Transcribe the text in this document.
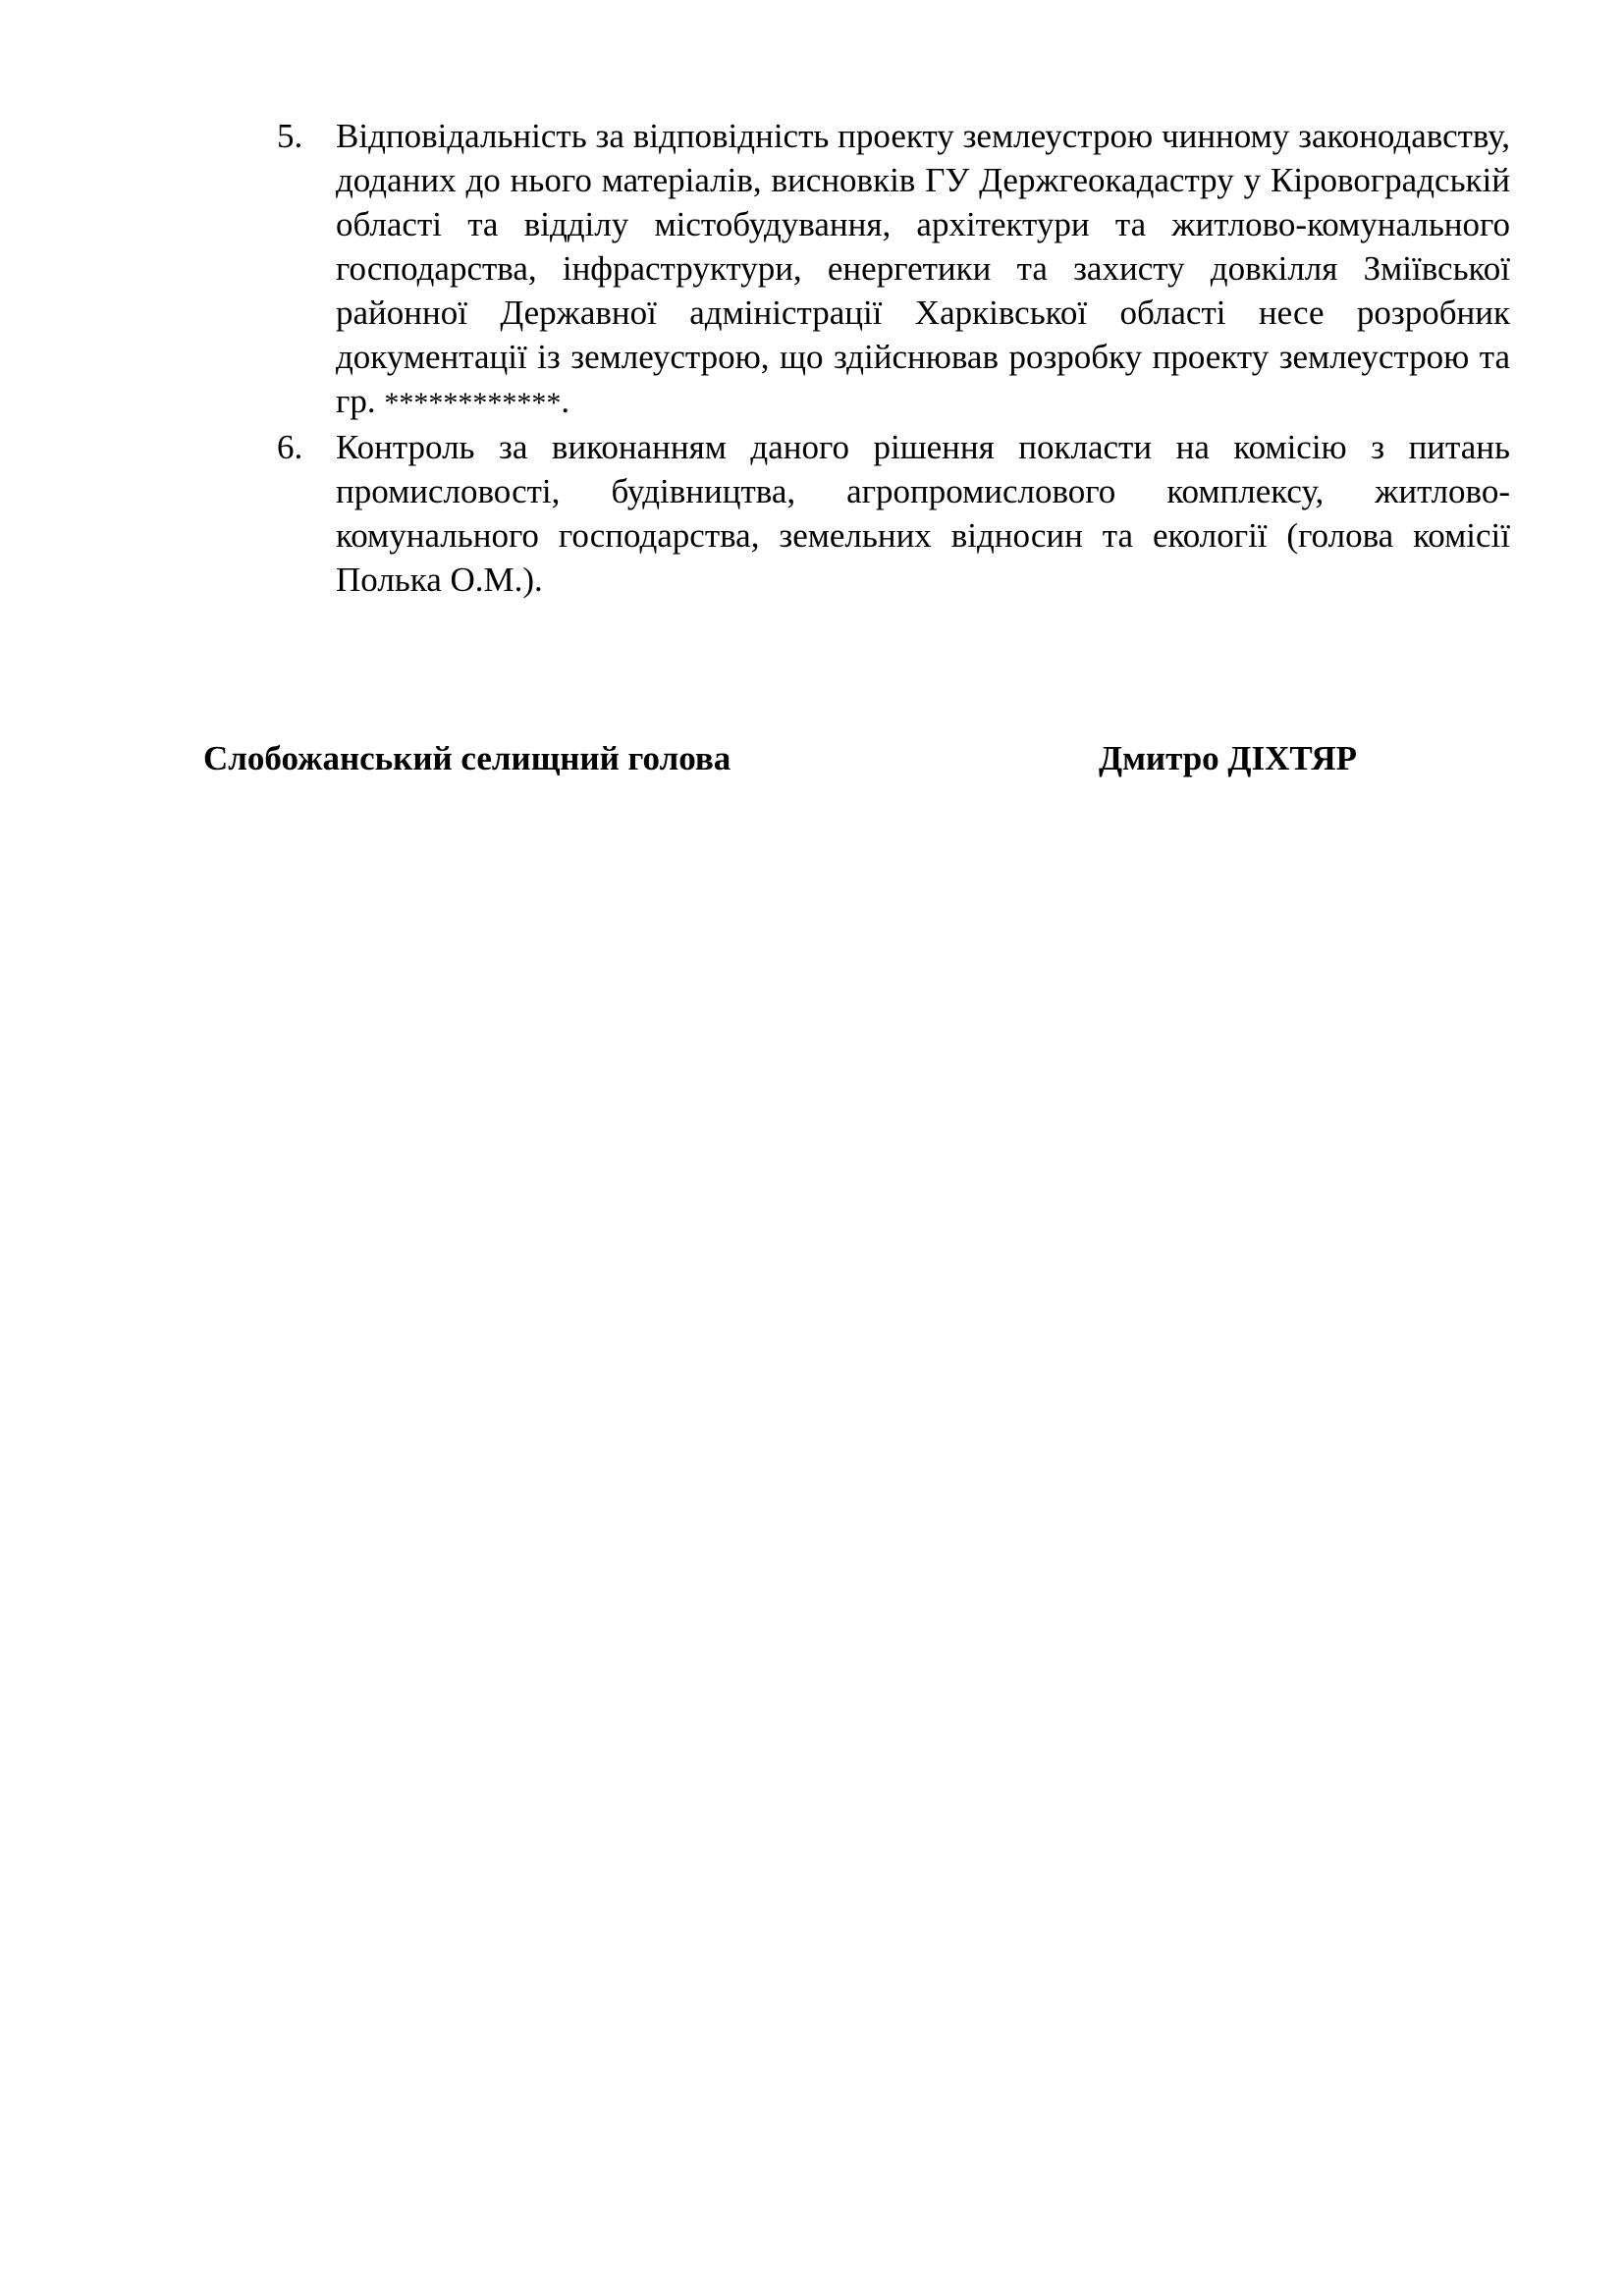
5. Відповідальність за відповідність проекту землеустрою чинному законодавству, доданих до нього матеріалів, висновків ГУ Держгеокадастру у Кіровоградській області та відділу містобудування, архітектури та житлово-комунального господарства, інфраструктури, енергетики та захисту довкілля Зміївської районної Державної адміністрації Харківської області несе розробник документації із землеустрою, що здійснював розробку проекту землеустрою та гр. ************.
6. Контроль за виконанням даного рішення покласти на комісію з питань промисловості, будівництва, агропромислового комплексу, житлово-комунального господарства, земельних відносин та екології (голова комісії Полька О.М.).
Слобожанський селищний голова	Дмитро ДІХТЯР
